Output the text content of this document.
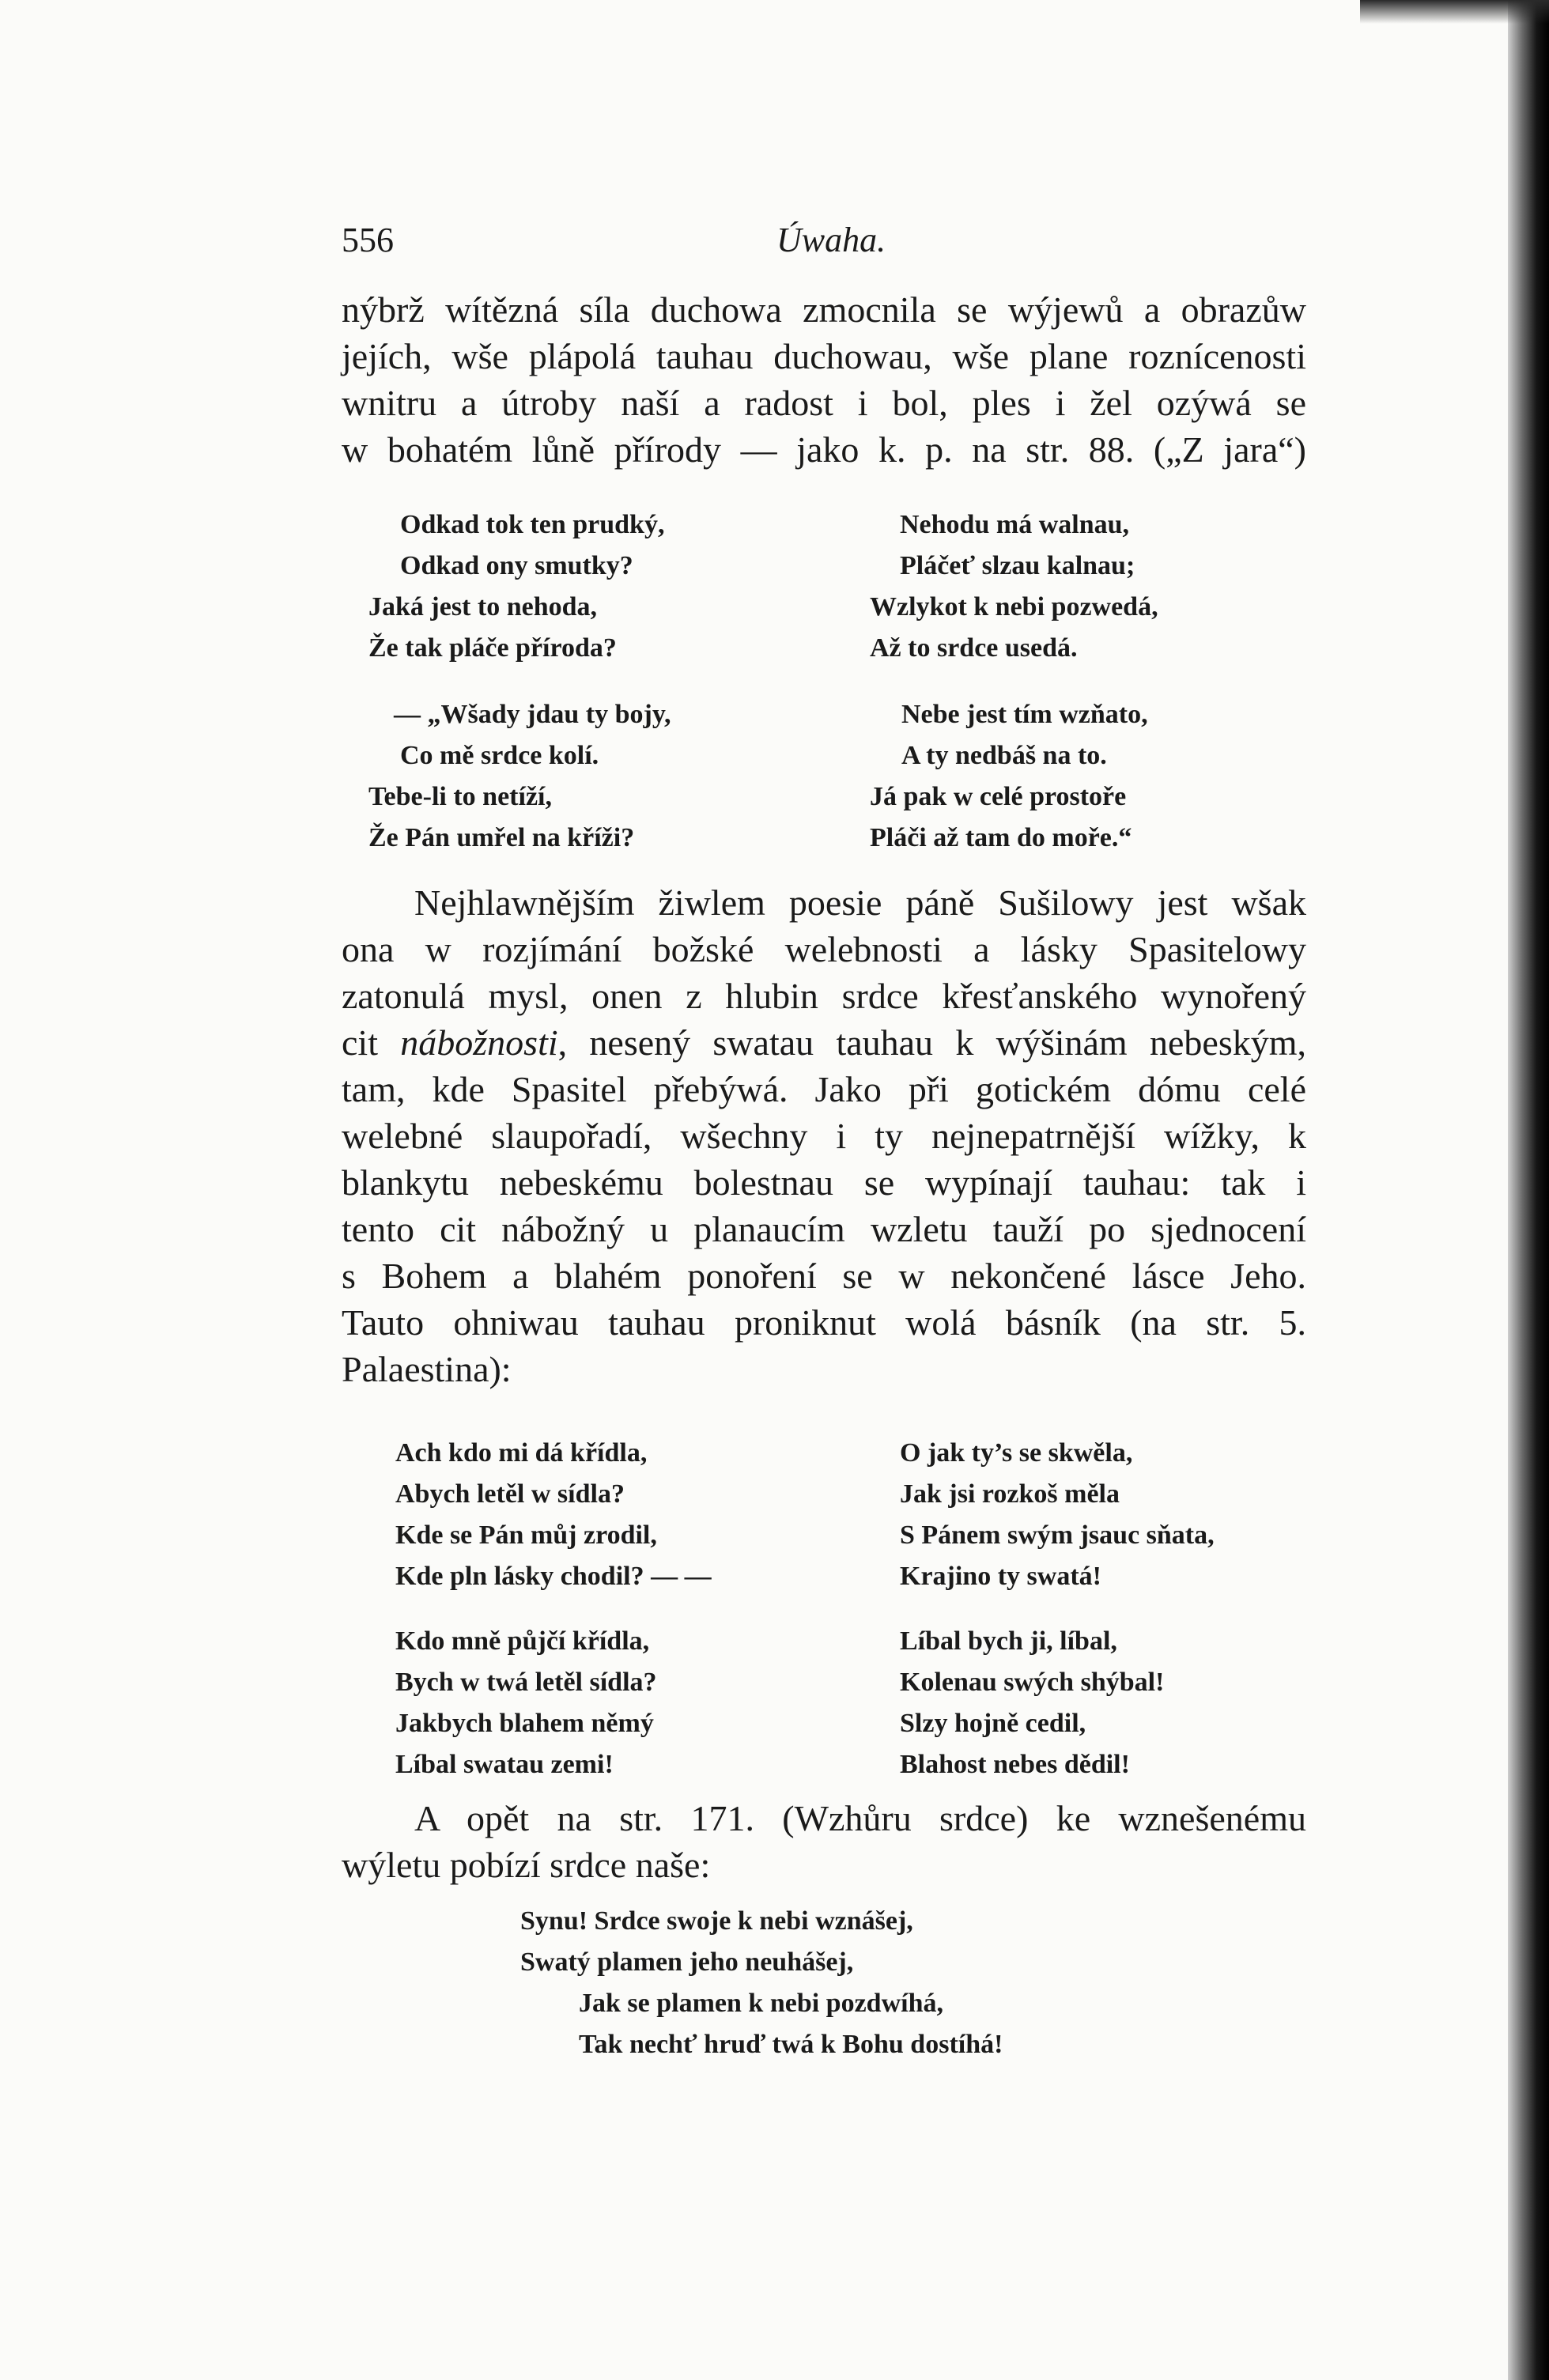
556	Úwaha.
nýbrž wítězná síla duchowa zmocnila se wýjewů a obrazůw
jejích, wše plápolá tauhau duchowau, wše plane roznícenosti
wnitru a útroby naší a radost i bol, ples i žel ozýwá se
w bohatém lůně přírody — jako k. p. na str. 88. („Z jara“)
Odkad tok ten prudký,
Odkad ony smutky?
Jaká jest to nehoda,
Že tak pláče příroda?
Nehodu má walnau,
Pláčeť slzau kalnau;
Wzlykot k nebi pozwedá,
Až to srdce usedá.
— „Wšady jdau ty bojy,
Co mě srdce kolí.
Tebe-li to netíží,
Že Pán umřel na kříži?
Nebe jest tím wzňato,
A ty nedbáš na to.
Já pak w celé prostoře
Pláči až tam do moře.“
Nejhlawnějším žiwlem poesie páně Sušilowy jest wšak
ona w rozjímání božské welebnosti a lásky Spasitelowy
zatonulá mysl, onen z hlubin srdce křesťanského wynořený
cit nábožnosti, nesený swatau tauhau k wýšinám nebeským,
tam, kde Spasitel přebýwá. Jako při gotickém dómu celé
welebné slaupořadí, wšechny i ty nejnepatrnější wížky, k
blankytu nebeskému bolestnau se wypínají tauhau: tak i
tento cit nábožný u planaucím wzletu tauží po sjednocení
s Bohem a blahém ponoření se w nekončené lásce Jeho.
Tauto ohniwau tauhau proniknut wolá básník (na str. 5.
Palaestina):
Ach kdo mi dá křídla,
Abych letěl w sídla?
Kde se Pán můj zrodil,
Kde pln lásky chodil? — —
O jak ty’s se skwěla,
Jak jsi rozkoš měla
S Pánem swým jsauc sňata,
Krajino ty swatá!
Kdo mně půjčí křídla,
Bych w twá letěl sídla?
Jakbych blahem němý
Líbal swatau zemi!
Líbal bych ji, líbal,
Kolenau swých shýbal!
Slzy hojně cedil,
Blahost nebes dědil!
A opět na str. 171. (Wzhůru srdce) ke wznešenému
wýletu pobízí srdce naše:
Synu! Srdce swoje k nebi wznášej,
Swatý plamen jeho neuhášej,
Jak se plamen k nebi pozdwíhá,
Tak nechť hruď twá k Bohu dostíhá!
